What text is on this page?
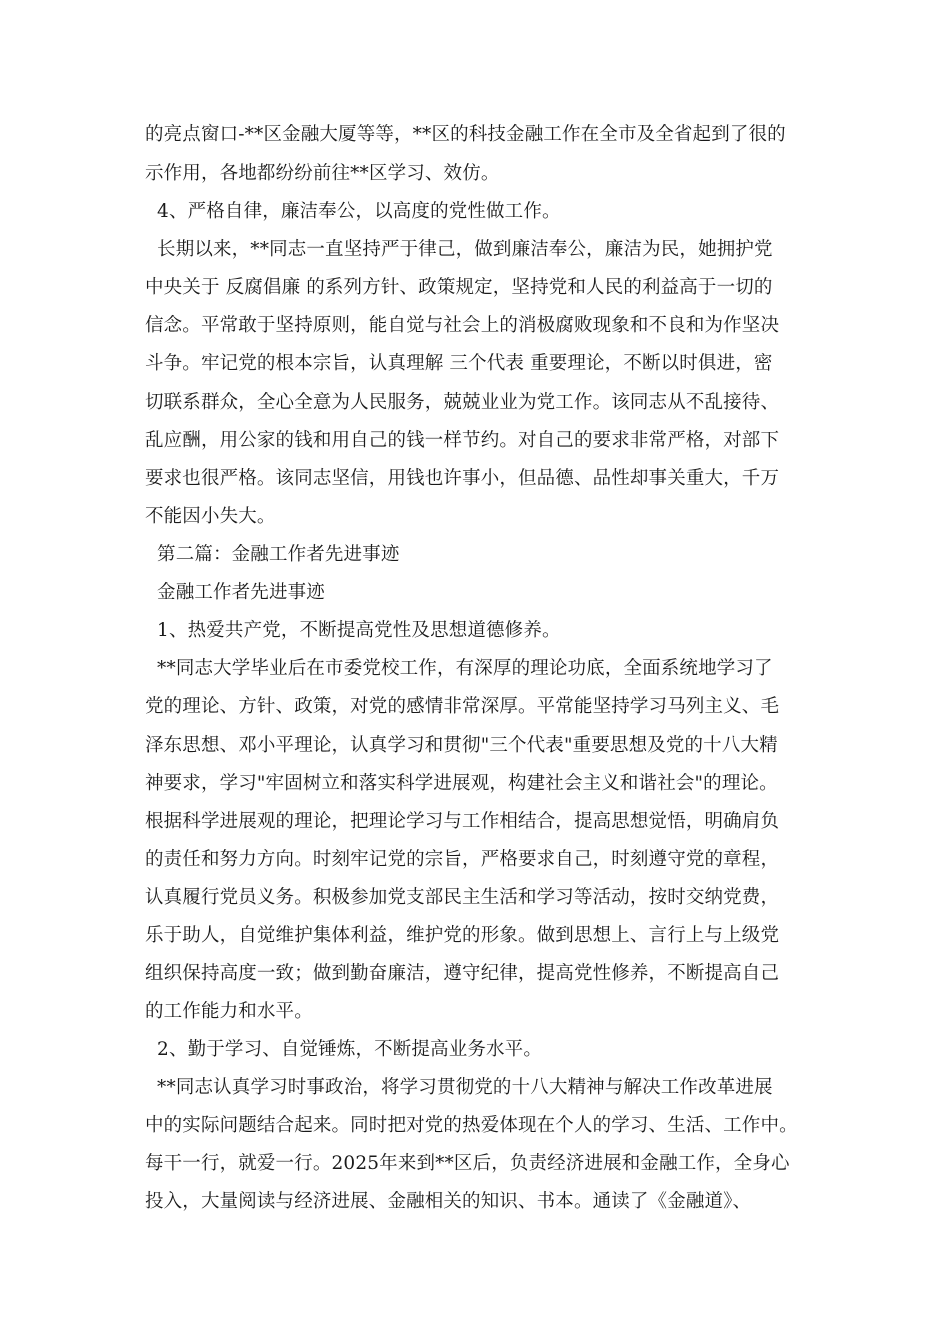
的亮点窗口-**区金融大厦等等，**区的科技金融工作在全市及全省起到了很的
示作用，各地都纷纷前往**区学习、效仿。
4、严格自律，廉洁奉公，以高度的党性做工作。
长期以来，**同志一直坚持严于律己，做到廉洁奉公，廉洁为民，她拥护党
中央关于 反腐倡廉 的系列方针、政策规定，坚持党和人民的利益高于一切的
信念。平常敢于坚持原则，能自觉与社会上的消极腐败现象和不良和为作坚决
斗争。牢记党的根本宗旨，认真理解 三个代表 重要理论，不断以时俱进，密
切联系群众，全心全意为人民服务，兢兢业业为党工作。该同志从不乱接待、
乱应酬，用公家的钱和用自己的钱一样节约。对自己的要求非常严格，对部下
要求也很严格。该同志坚信，用钱也许事小，但品德、品性却事关重大，千万
不能因小失大。
第二篇：金融工作者先进事迹
金融工作者先进事迹
1、热爱共产党，不断提高党性及思想道德修养。
**同志大学毕业后在市委党校工作，有深厚的理论功底，全面系统地学习了
党的理论、方针、政策，对党的感情非常深厚。平常能坚持学习马列主义、毛
泽东思想、邓小平理论，认真学习和贯彻"三个代表"重要思想及党的十八大精
神要求，学习"牢固树立和落实科学进展观，构建社会主义和谐社会"的理论。
根据科学进展观的理论，把理论学习与工作相结合，提高思想觉悟，明确肩负
的责任和努力方向。时刻牢记党的宗旨，严格要求自己，时刻遵守党的章程，
认真履行党员义务。积极参加党支部民主生活和学习等活动，按时交纳党费，
乐于助人，自觉维护集体利益，维护党的形象。做到思想上、言行上与上级党
组织保持高度一致；做到勤奋廉洁，遵守纪律，提高党性修养，不断提高自己
的工作能力和水平。
2、勤于学习、自觉锤炼，不断提高业务水平。
**同志认真学习时事政治，将学习贯彻党的十八大精神与解决工作改革进展
中的实际问题结合起来。同时把对党的热爱体现在个人的学习、生活、工作中。
每干一行，就爱一行。2025年来到**区后，负责经济进展和金融工作，全身心
投入，大量阅读与经济进展、金融相关的知识、书本。通读了《金融道》、
